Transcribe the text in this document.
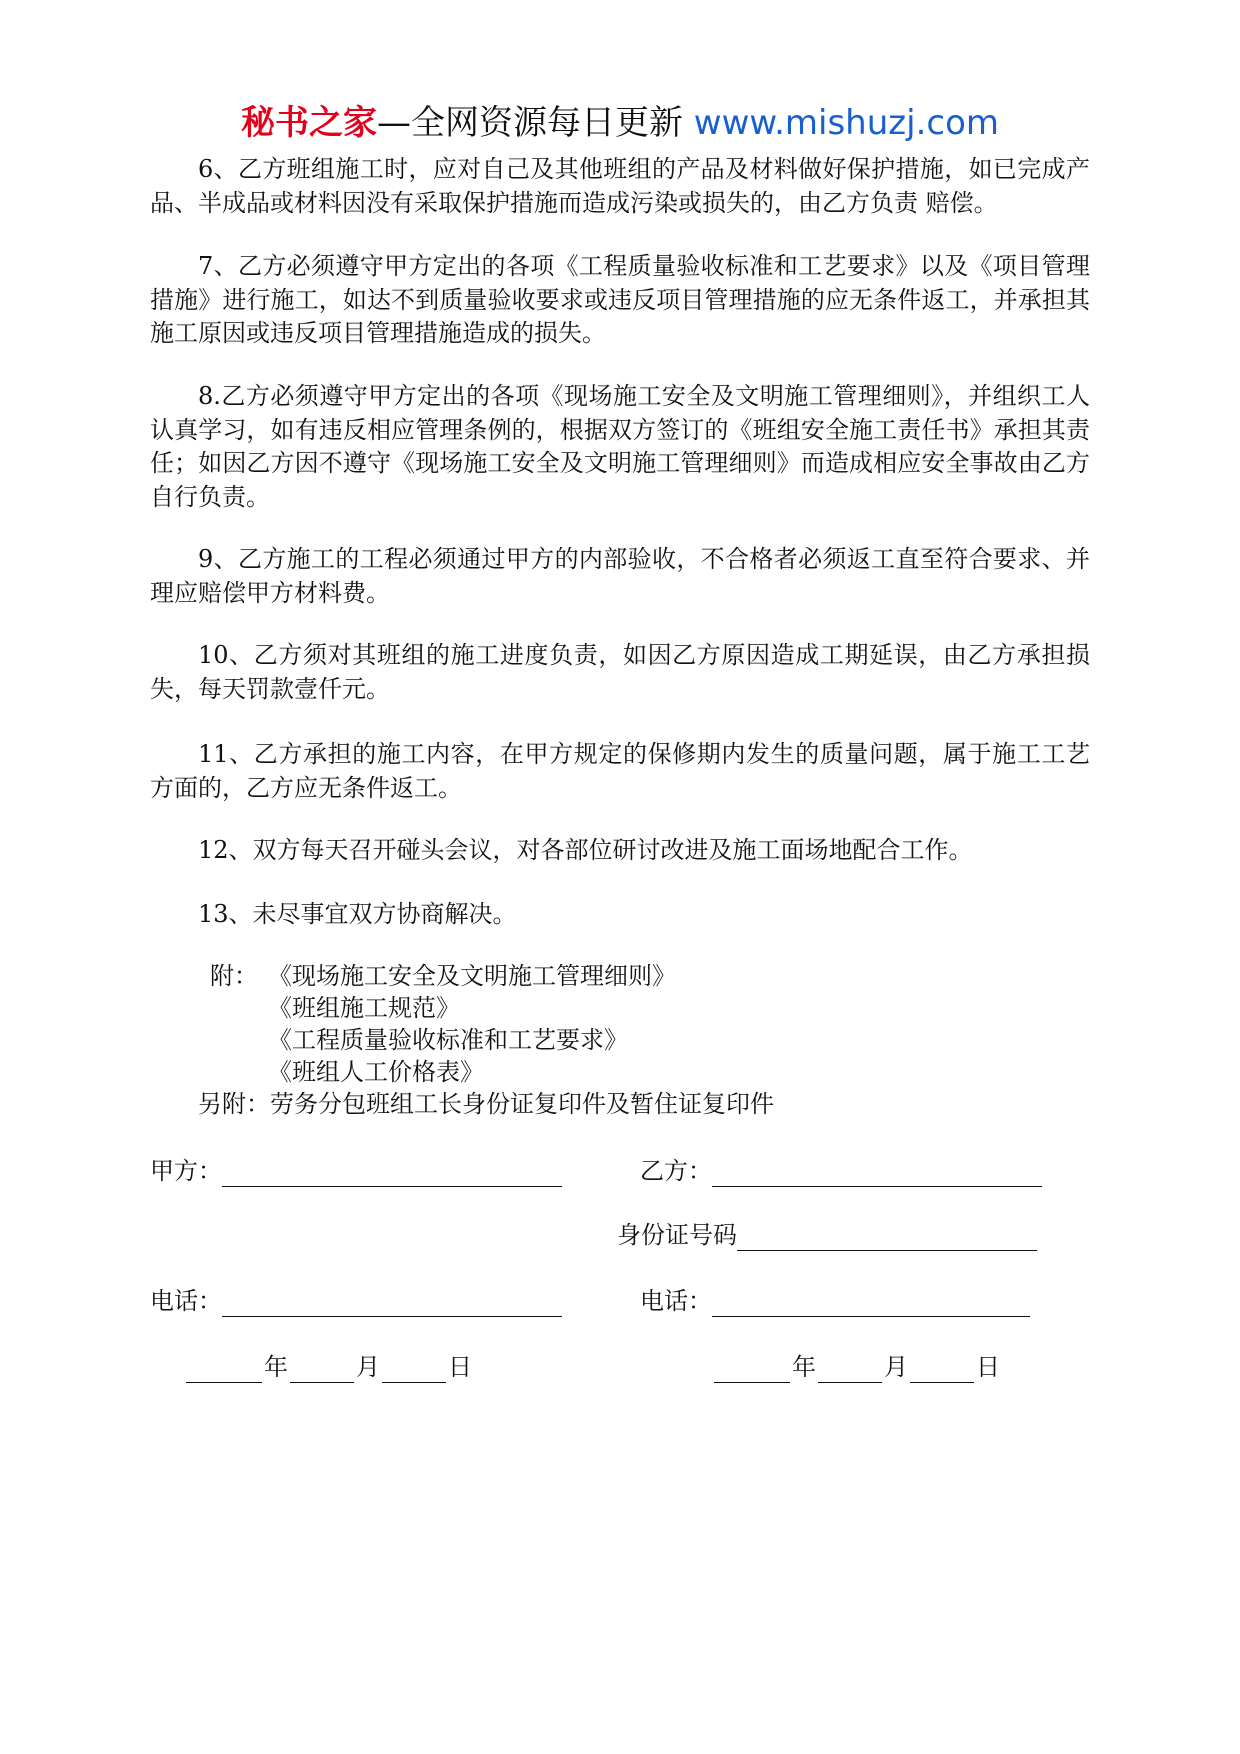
秘书之家—全网资源每日更新 www.mishuzj.com

6、乙方班组施工时，应对自己及其他班组的产品及材料做好保护措施，如已完成产品、半成品或材料因没有采取保护措施而造成污染或损失的，由乙方负责 赔偿。

7、乙方必须遵守甲方定出的各项《工程质量验收标准和工艺要求》以及《项目管理措施》进行施工，如达不到质量验收要求或违反项目管理措施的应无条件返工，并承担其施工原因或违反项目管理措施造成的损失。

8.乙方必须遵守甲方定出的各项《现场施工安全及文明施工管理细则》，并组织工人认真学习，如有违反相应管理条例的，根据双方签订的《班组安全施工责任书》承担其责任；如因乙方因不遵守《现场施工安全及文明施工管理细则》而造成相应安全事故由乙方自行负责。

9、乙方施工的工程必须通过甲方的内部验收，不合格者必须返工直至符合要求、并理应赔偿甲方材料费。

10、乙方须对其班组的施工进度负责，如因乙方原因造成工期延误，由乙方承担损失，每天罚款壹仟元。

11、乙方承担的施工内容，在甲方规定的保修期内发生的质量问题，属于施工工艺方面的，乙方应无条件返工。

12、双方每天召开碰头会议，对各部位研讨改进及施工面场地配合工作。

13、未尽事宜双方协商解决。

附： 《现场施工安全及文明施工管理细则》
《班组施工规范》
《工程质量验收标准和工艺要求》
《班组人工价格表》
另附：劳务分包班组工长身份证复印件及暂住证复印件
甲方：	乙方：
身份证号码
电话：	电话：
年	月	日	年	月	日
